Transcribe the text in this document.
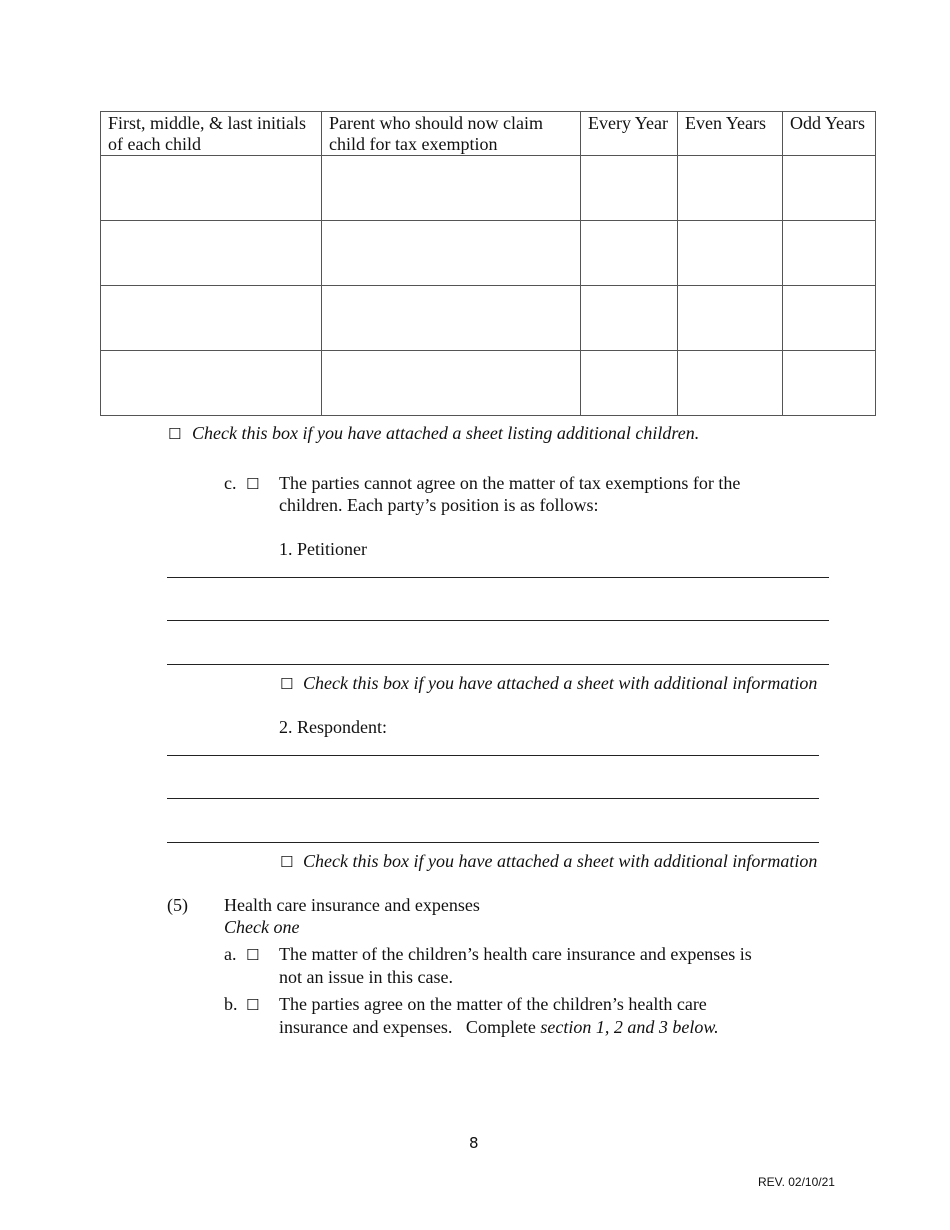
First, middle, & last initials of each child	Parent who should now claim child for tax exemption	Every Year	Even Years	Odd Years

☐ Check this box if you have attached a sheet listing additional children.
c. ☐ The parties cannot agree on the matter of tax exemptions for the
children. Each party’s position is as follows:
1. Petitioner
☐ Check this box if you have attached a sheet with additional information
2. Respondent:
☐ Check this box if you have attached a sheet with additional information
(5) Health care insurance and expenses
Check one
a. ☐ The matter of the children’s health care insurance and expenses is
not an issue in this case.
b. ☐ The parties agree on the matter of the children’s health care
insurance and expenses.   Complete section 1, 2 and 3 below.
8
REV. 02/10/21
